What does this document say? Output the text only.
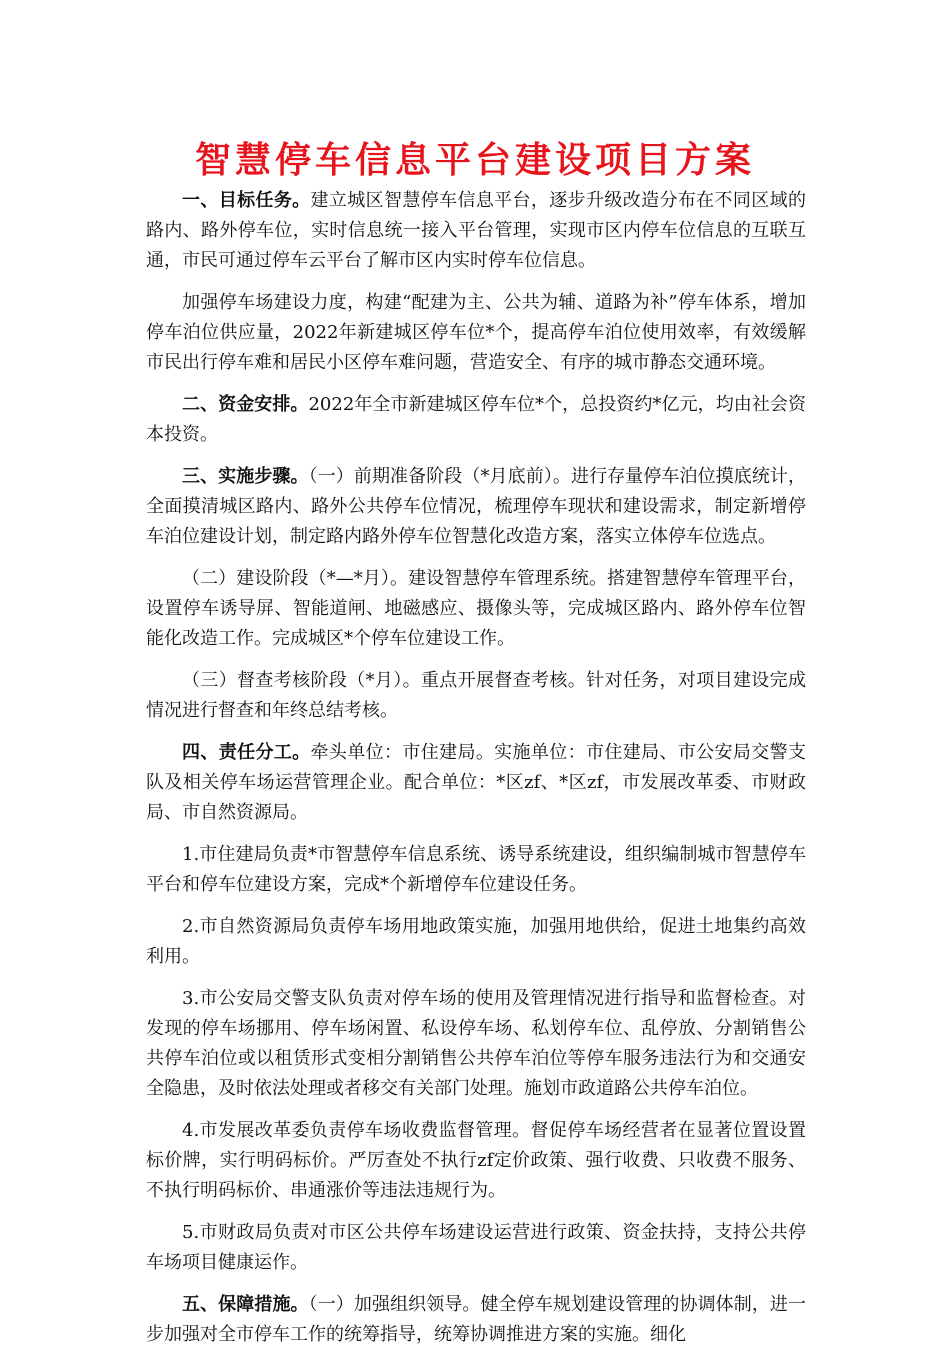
智慧停车信息平台建设项目方案

一、目标任务。建立城区智慧停车信息平台，逐步升级改造分布在不同区域的路内、路外停车位，实时信息统一接入平台管理，实现市区内停车位信息的互联互通，市民可通过停车云平台了解市区内实时停车位信息。

加强停车场建设力度，构建“配建为主、公共为辅、道路为补”停车体系，增加停车泊位供应量，2022年新建城区停车位*个，提高停车泊位使用效率，有效缓解市民出行停车难和居民小区停车难问题，营造安全、有序的城市静态交通环境。

二、资金安排。2022年全市新建城区停车位*个，总投资约*亿元，均由社会资本投资。

三、实施步骤。（一）前期准备阶段（*月底前）。进行存量停车泊位摸底统计，全面摸清城区路内、路外公共停车位情况，梳理停车现状和建设需求，制定新增停车泊位建设计划，制定路内路外停车位智慧化改造方案，落实立体停车位选点。

（二）建设阶段（*—*月）。建设智慧停车管理系统。搭建智慧停车管理平台，设置停车诱导屏、智能道闸、地磁感应、摄像头等，完成城区路内、路外停车位智能化改造工作。完成城区*个停车位建设工作。

（三）督查考核阶段（*月）。重点开展督查考核。针对任务，对项目建设完成情况进行督查和年终总结考核。

四、责任分工。牵头单位：市住建局。实施单位：市住建局、市公安局交警支队及相关停车场运营管理企业。配合单位：*区zf、*区zf，市发展改革委、市财政局、市自然资源局。

1.市住建局负责*市智慧停车信息系统、诱导系统建设，组织编制城市智慧停车平台和停车位建设方案，完成*个新增停车位建设任务。

2.市自然资源局负责停车场用地政策实施，加强用地供给，促进土地集约高效利用。

3.市公安局交警支队负责对停车场的使用及管理情况进行指导和监督检查。对发现的停车场挪用、停车场闲置、私设停车场、私划停车位、乱停放、分割销售公共停车泊位或以租赁形式变相分割销售公共停车泊位等停车服务违法行为和交通安全隐患，及时依法处理或者移交有关部门处理。施划市政道路公共停车泊位。

4.市发展改革委负责停车场收费监督管理。督促停车场经营者在显著位置设置标价牌，实行明码标价。严厉查处不执行zf定价政策、强行收费、只收费不服务、不执行明码标价、串通涨价等违法违规行为。

5.市财政局负责对市区公共停车场建设运营进行政策、资金扶持，支持公共停车场项目健康运作。

五、保障措施。（一）加强组织领导。健全停车规划建设管理的协调体制，进一步加强对全市停车工作的统筹指导，统筹协调推进方案的实施。细化
